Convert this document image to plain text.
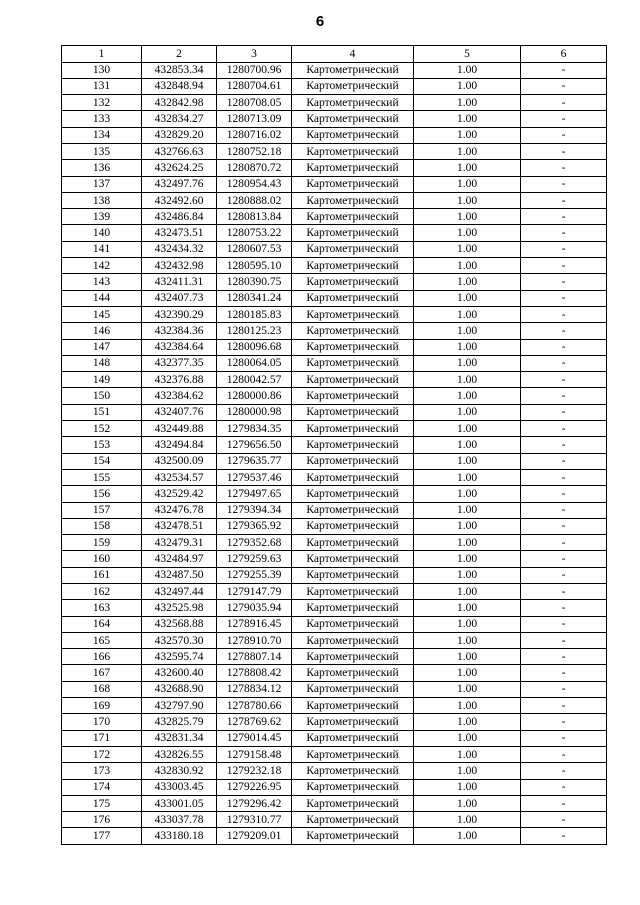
6
1	2	3	4	5	6
130	432853.34	1280700.96	Картометрический	1.00	-
131	432848.94	1280704.61	Картометрический	1.00	-
132	432842.98	1280708.05	Картометрический	1.00	-
133	432834.27	1280713.09	Картометрический	1.00	-
134	432829.20	1280716.02	Картометрический	1.00	-
135	432766.63	1280752.18	Картометрический	1.00	-
136	432624.25	1280870.72	Картометрический	1.00	-
137	432497.76	1280954.43	Картометрический	1.00	-
138	432492.60	1280888.02	Картометрический	1.00	-
139	432486.84	1280813.84	Картометрический	1.00	-
140	432473.51	1280753.22	Картометрический	1.00	-
141	432434.32	1280607.53	Картометрический	1.00	-
142	432432.98	1280595.10	Картометрический	1.00	-
143	432411.31	1280390.75	Картометрический	1.00	-
144	432407.73	1280341.24	Картометрический	1.00	-
145	432390.29	1280185.83	Картометрический	1.00	-
146	432384.36	1280125.23	Картометрический	1.00	-
147	432384.64	1280096.68	Картометрический	1.00	-
148	432377.35	1280064.05	Картометрический	1.00	-
149	432376.88	1280042.57	Картометрический	1.00	-
150	432384.62	1280000.86	Картометрический	1.00	-
151	432407.76	1280000.98	Картометрический	1.00	-
152	432449.88	1279834.35	Картометрический	1.00	-
153	432494.84	1279656.50	Картометрический	1.00	-
154	432500.09	1279635.77	Картометрический	1.00	-
155	432534.57	1279537.46	Картометрический	1.00	-
156	432529.42	1279497.65	Картометрический	1.00	-
157	432476.78	1279394.34	Картометрический	1.00	-
158	432478.51	1279365.92	Картометрический	1.00	-
159	432479.31	1279352.68	Картометрический	1.00	-
160	432484.97	1279259.63	Картометрический	1.00	-
161	432487.50	1279255.39	Картометрический	1.00	-
162	432497.44	1279147.79	Картометрический	1.00	-
163	432525.98	1279035.94	Картометрический	1.00	-
164	432568.88	1278916.45	Картометрический	1.00	-
165	432570.30	1278910.70	Картометрический	1.00	-
166	432595.74	1278807.14	Картометрический	1.00	-
167	432600.40	1278808.42	Картометрический	1.00	-
168	432688.90	1278834.12	Картометрический	1.00	-
169	432797.90	1278780.66	Картометрический	1.00	-
170	432825.79	1278769.62	Картометрический	1.00	-
171	432831.34	1279014.45	Картометрический	1.00	-
172	432826.55	1279158.48	Картометрический	1.00	-
173	432830.92	1279232.18	Картометрический	1.00	-
174	433003.45	1279226.95	Картометрический	1.00	-
175	433001.05	1279296.42	Картометрический	1.00	-
176	433037.78	1279310.77	Картометрический	1.00	-
177	433180.18	1279209.01	Картометрический	1.00	-
